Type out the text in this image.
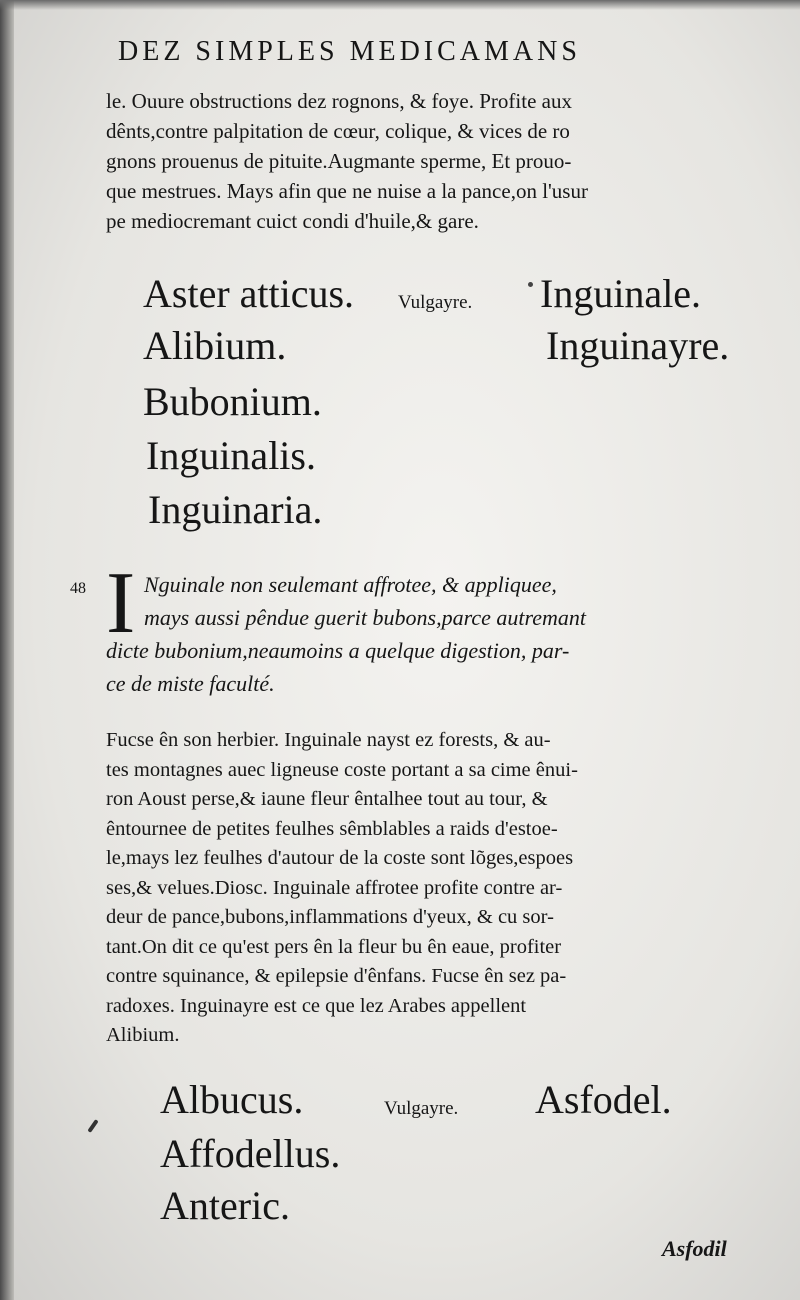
DEZ SIMPLES MEDICAMANS
le. Ouure obstructions dez rognons, & foye. Profite aux
dênts,contre palpitation de cœur, colique, & vices de ro
gnons prouenus de pituite.Augmante sperme, Et prouo-
que mestrues. Mays afin que ne nuise a la pance,on l'usur
pe mediocremant cuict condi d'huile,& gare.
Aster atticus.
Alibium.
Bubonium.
Inguinalis.
Inguinaria.
Vulgayre. Inguinale.
Inguinayre.
48 I Nguinale non seulemant affrotee, & appliquee,
mays aussi pêndue guerit bubons,parce autremant
dicte bubonium,neaumoins a quelque digestion, par-
ce de miste faculté.
Fucse ên son herbier. Inguinale nayst ez forests, & au-
tes montagnes auec ligneuse coste portant a sa cime ênui-
ron Aoust perse,& iaune fleur êntalhee tout au tour, &
êntournee de petites feulhes sêmblables a raids d'estoe-
le,mays lez feulhes d'autour de la coste sont lõges,espoes
ses,& velues.Diosc. Inguinale affrotee profite contre ar-
deur de pance,bubons,inflammations d'yeux, & cu sor-
tant.On dit ce qu'est pers ên la fleur bu ên eaue, profiter
contre squinance, & epilepsie d'ênfans. Fucse ên sez pa-
radoxes. Inguinayre est ce que lez Arabes appellent
Alibium.
Albucus.
Affodellus.
Anteric.
Vulgayre. Asfodel.
Asfodil
